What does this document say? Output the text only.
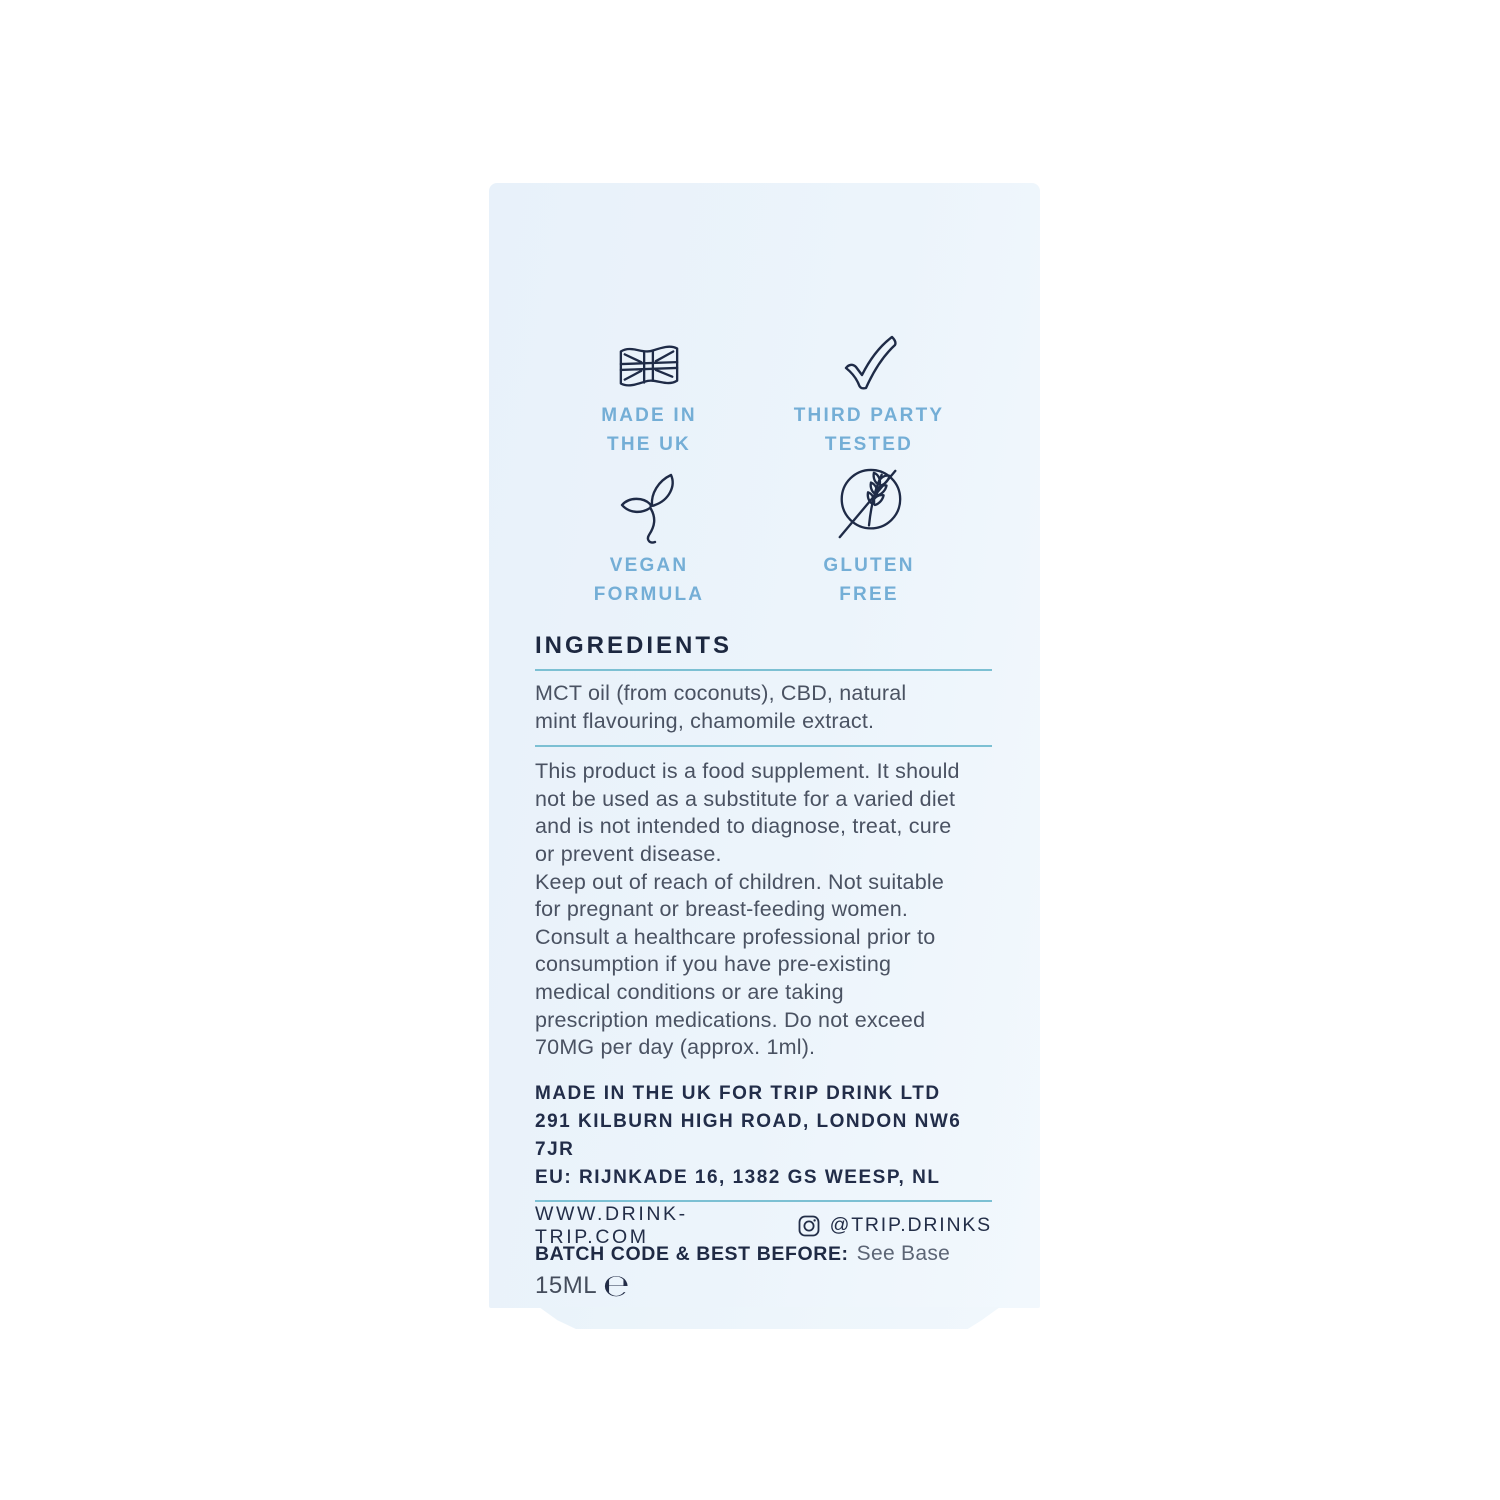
MADE IN
THE UK
THIRD PARTY
TESTED
VEGAN
FORMULA
GLUTEN
FREE
INGREDIENTS
MCT oil (from coconuts), CBD, natural
mint flavouring, chamomile extract.
This product is a food supplement. It should
not be used as a substitute for a varied diet
and is not intended to diagnose, treat, cure
or prevent disease.
Keep out of reach of children. Not suitable
for pregnant or breast-feeding women.
Consult a healthcare professional prior to
consumption if you have pre-existing
medical conditions or are taking
prescription medications. Do not exceed
70MG per day (approx. 1ml).
MADE IN THE UK FOR TRIP DRINK LTD
291 KILBURN HIGH ROAD, LONDON NW6 7JR
EU: RIJNKADE 16, 1382 GS WEESP, NL
WWW.DRINK-TRIP.COM
@TRIP.DRINKS
BATCH CODE & BEST BEFORE: See Base
15ML ℮
